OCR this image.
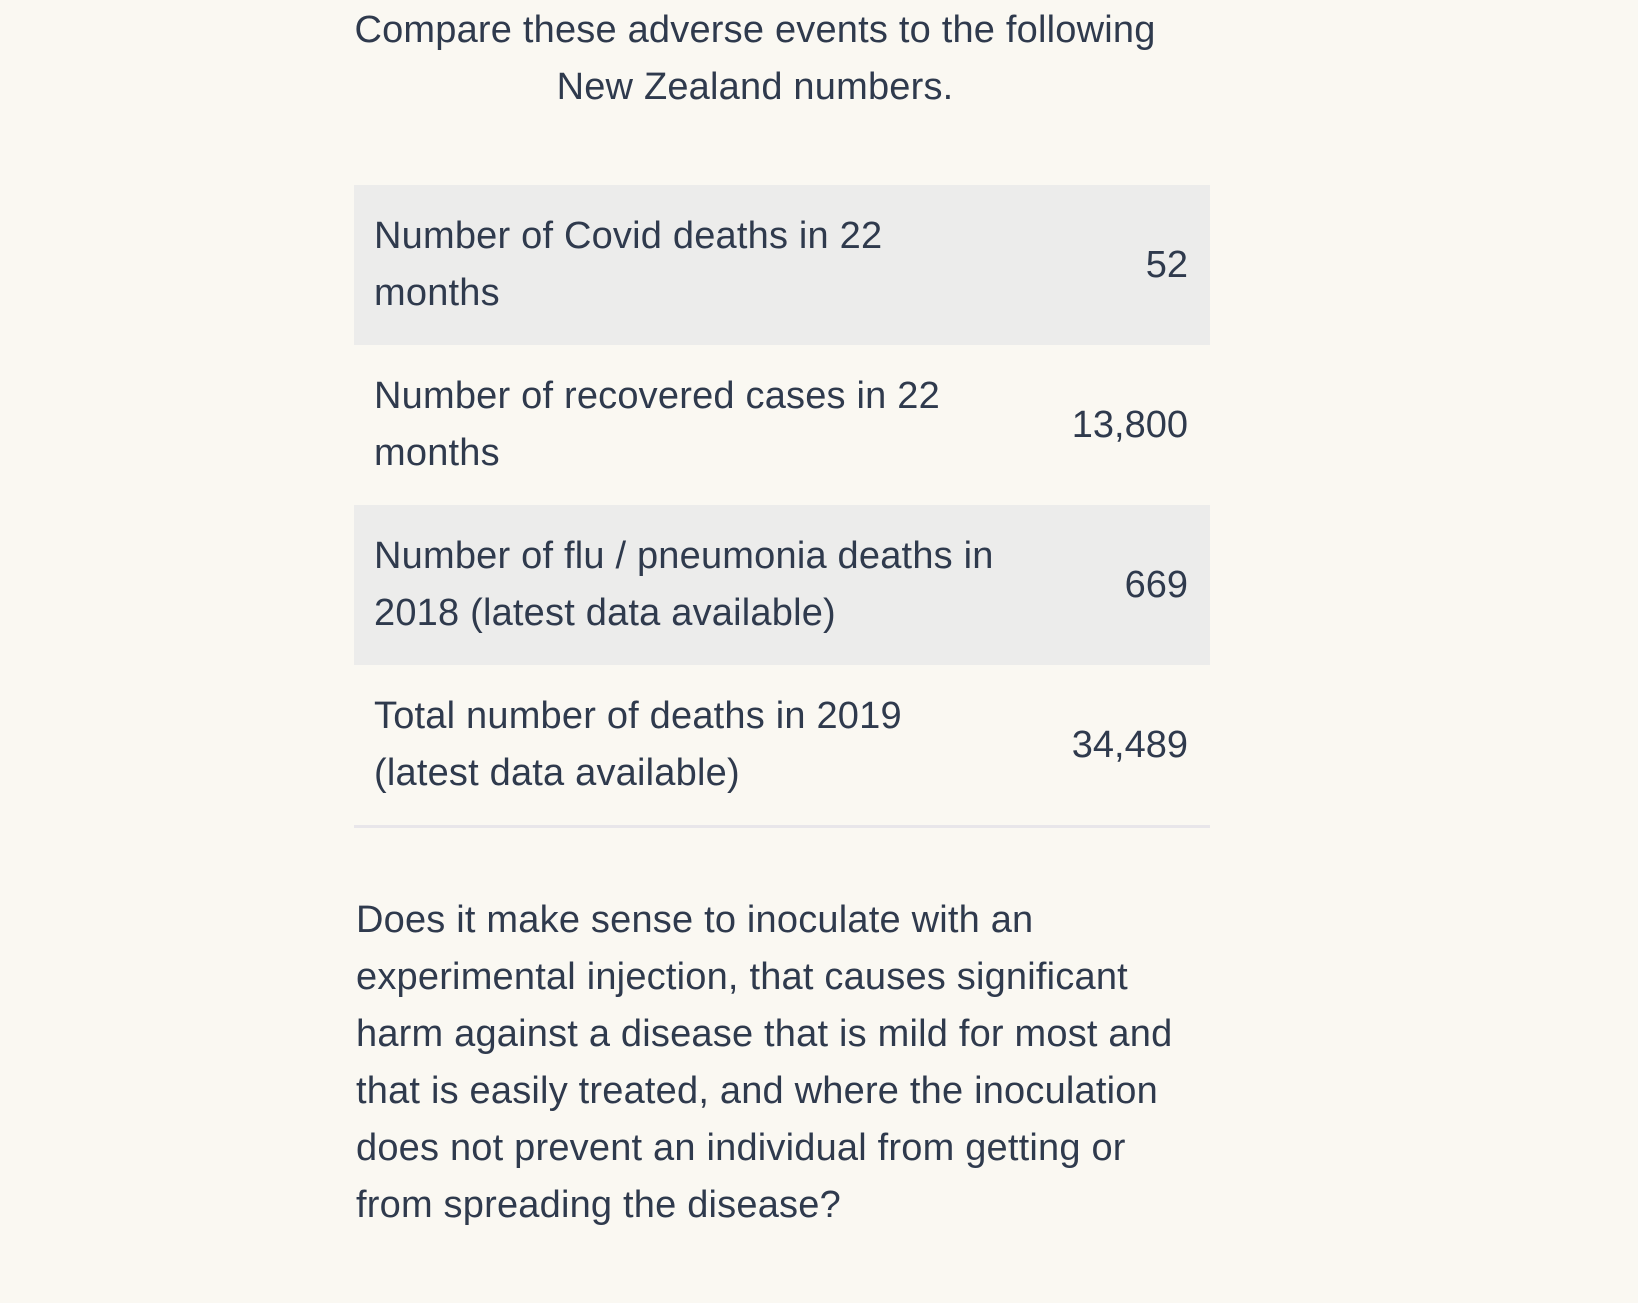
Compare these adverse events to the following
New Zealand numbers.
Number of Covid deaths in 22
months
52
Number of recovered cases in 22
months
13,800
Number of flu / pneumonia deaths in
2018 (latest data available)
669
Total number of deaths in 2019
(latest data available)
34,489
Does it make sense to inoculate with an
experimental injection, that causes significant
harm against a disease that is mild for most and
that is easily treated, and where the inoculation
does not prevent an individual from getting or
from spreading the disease?
